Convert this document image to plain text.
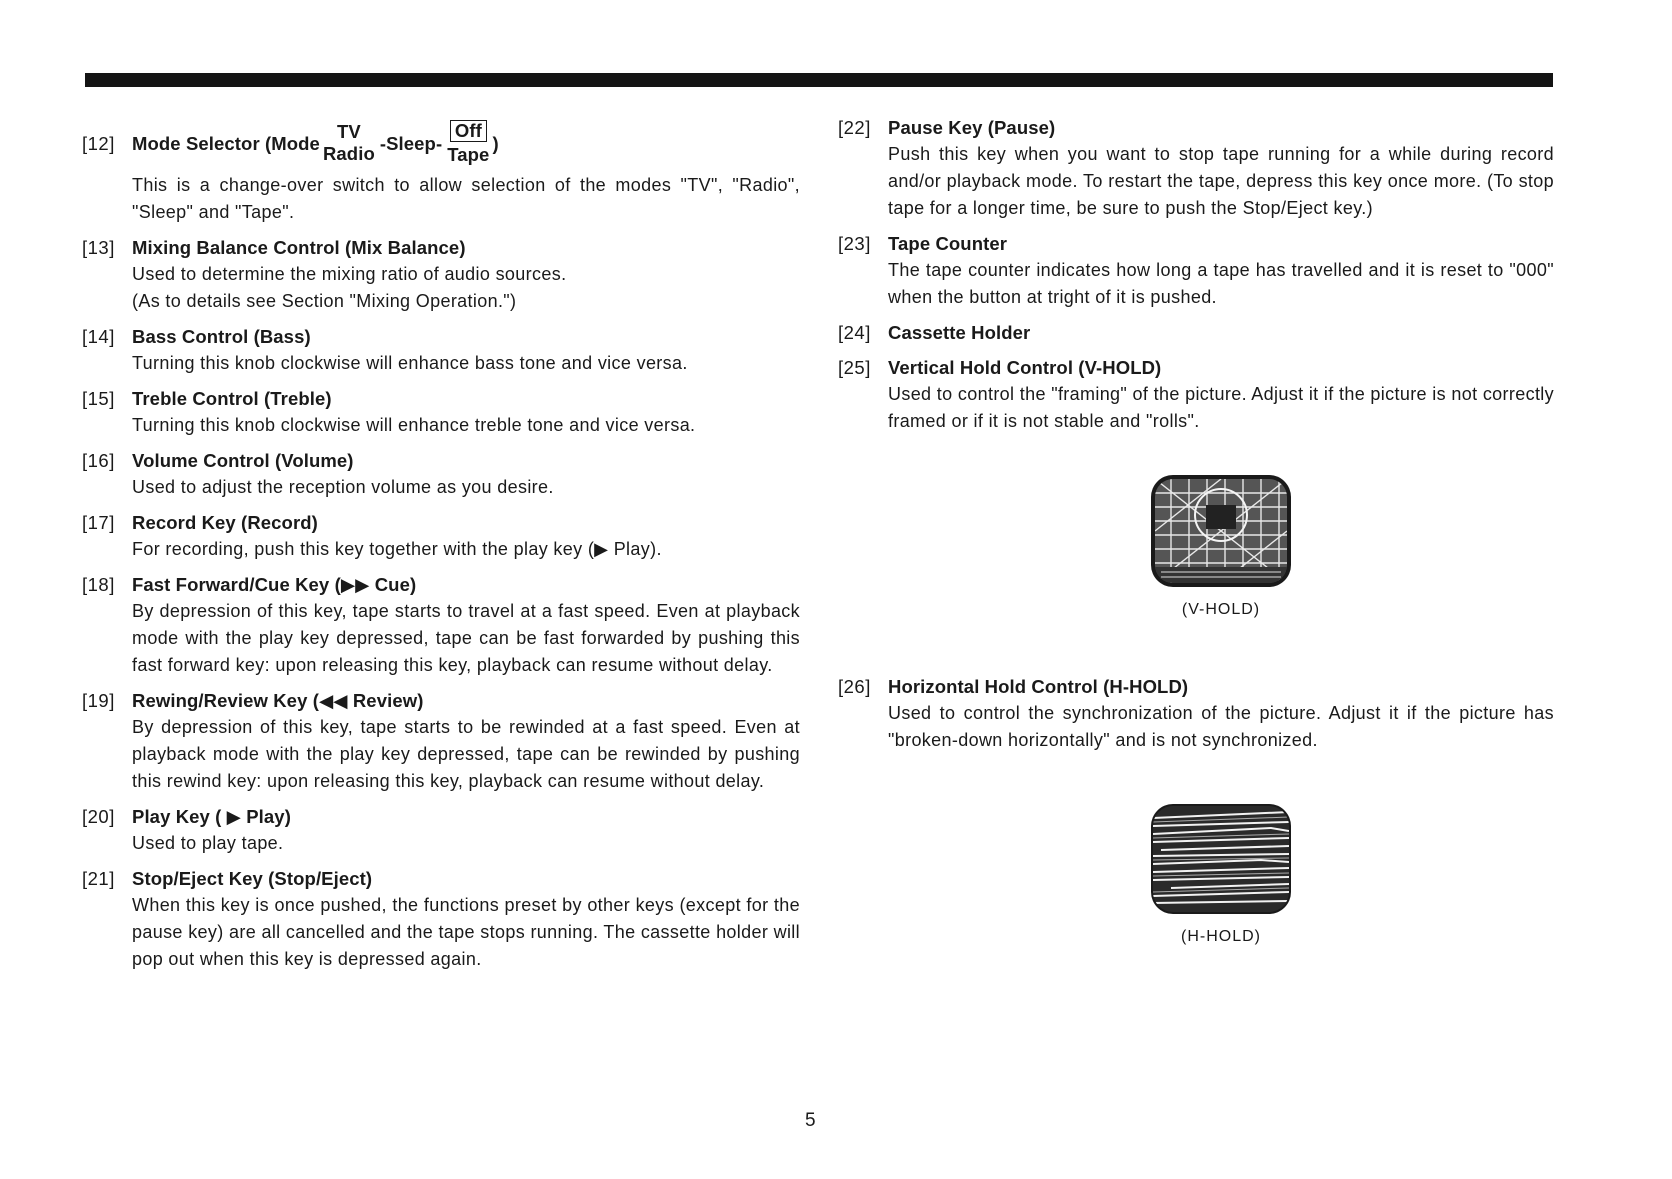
[12] Mode Selector (Mode
TV
Radio -Sleep-
Off
Tape
)

This is a change-over switch to allow selection of the modes "TV", "Radio", "Sleep" and "Tape".

[13] Mixing Balance Control (Mix Balance)

Used to determine the mixing ratio of audio sources.

(As to details see Section "Mixing Operation.")

[14] Bass Control (Bass)

Turning this knob clockwise will enhance bass tone and vice versa.

[15] Treble Control (Treble)

Turning this knob clockwise will enhance treble tone and vice versa.

[16] Volume Control (Volume)

Used to adjust the reception volume as you desire.

[17] Record Key (Record)

For recording, push this key together with the play key (▶ Play).

[18] Fast Forward/Cue Key (▶▶ Cue)

By depression of this key, tape starts to travel at a fast speed. Even at playback mode with the play key depressed, tape can be fast forwarded by pushing this fast forward key: upon releasing this key, playback can resume without delay.

[19] Rewing/Review Key (◀◀ Review)

By depression of this key, tape starts to be rewinded at a fast speed. Even at playback mode with the play key depressed, tape can be rewinded by pushing this rewind key: upon releasing this key, playback can resume without delay.

[20] Play Key ( ▶ Play)

Used to play tape.

[21] Stop/Eject Key (Stop/Eject)

When this key is once pushed, the functions preset by other keys (except for the pause key) are all cancelled and the tape stops running. The cassette holder will pop out when this key is depressed again.

[22] Pause Key (Pause)

Push this key when you want to stop tape running for a while during record and/or playback mode. To restart the tape, depress this key once more. (To stop tape for a longer time, be sure to push the Stop/Eject key.)

[23] Tape Counter

The tape counter indicates how long a tape has travelled and it is reset to "000" when the button at tright of it is pushed.

[24] Cassette Holder
[25] Vertical Hold Control (V-HOLD)

Used to control the "framing" of the picture. Adjust it if the picture is not correctly framed or if it is not stable and "rolls".

(V-HOLD)
[26] Horizontal Hold Control (H-HOLD)

Used to control the synchronization of the picture. Adjust it if the picture has "broken-down horizontally" and is not synchronized.

(H-HOLD)
5
